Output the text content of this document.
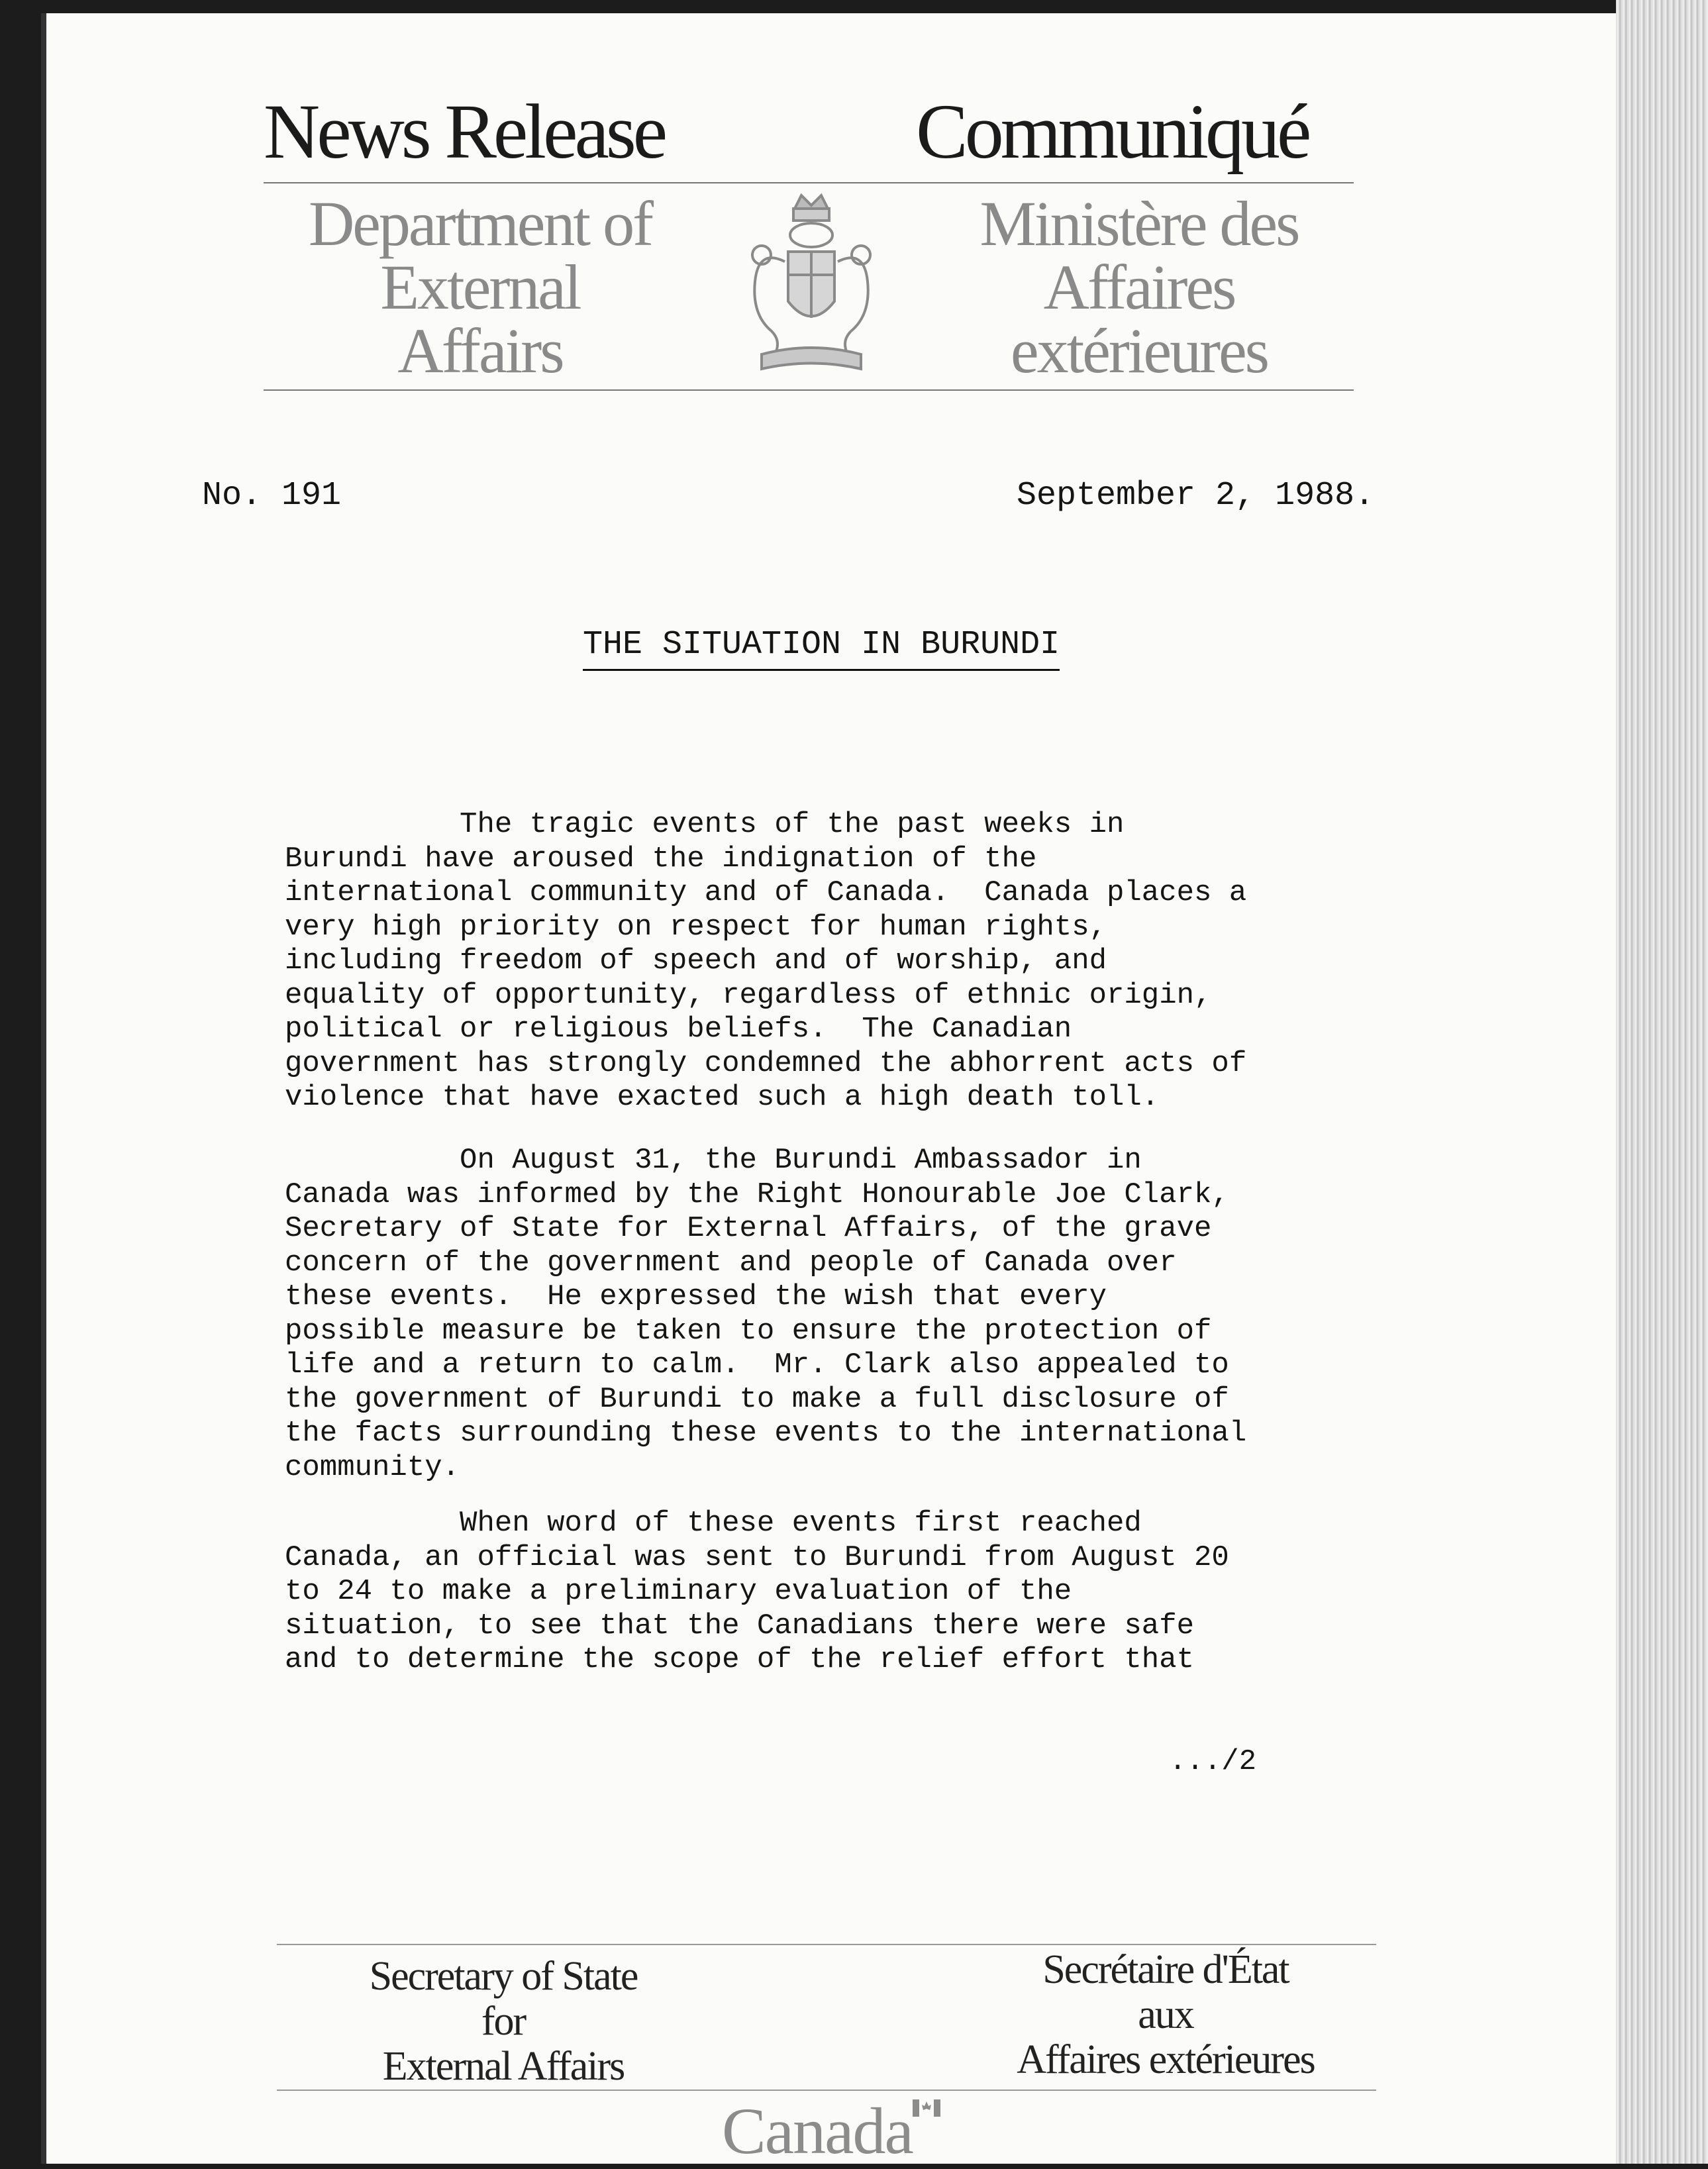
News Release	Communiqué
Department of
External
Affairs
Ministère des
Affaires
extérieures
No. 191	September 2, 1988.
THE SITUATION IN BURUNDI
The tragic events of the past weeks in
Burundi have aroused the indignation of the
international community and of Canada.  Canada places a
very high priority on respect for human rights,
including freedom of speech and of worship, and
equality of opportunity, regardless of ethnic origin,
political or religious beliefs.  The Canadian
government has strongly condemned the abhorrent acts of
violence that have exacted such a high death toll.
On August 31, the Burundi Ambassador in
Canada was informed by the Right Honourable Joe Clark,
Secretary of State for External Affairs, of the grave
concern of the government and people of Canada over
these events.  He expressed the wish that every
possible measure be taken to ensure the protection of
life and a return to calm.  Mr. Clark also appealed to
the government of Burundi to make a full disclosure of
the facts surrounding these events to the international
community.
When word of these events first reached
Canada, an official was sent to Burundi from August 20
to 24 to make a preliminary evaluation of the
situation, to see that the Canadians there were safe
and to determine the scope of the relief effort that
.../2
Secretary of State
for
External Affairs
Secrétaire d'État
aux
Affaires extérieures
Canada
